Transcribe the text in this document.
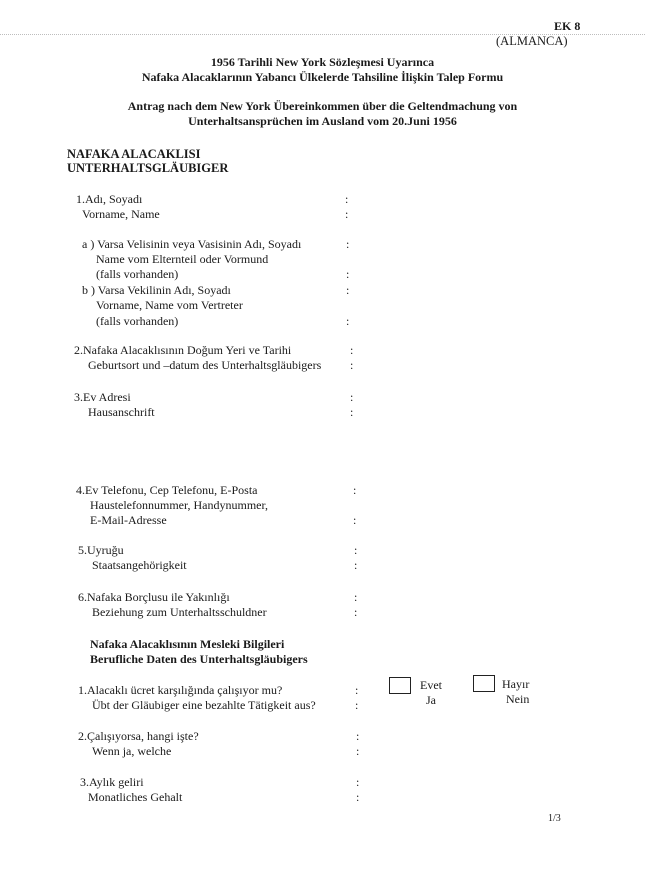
EK 8
(ALMANCA)
1956 Tarihli New York Sözleşmesi Uyarınca
Nafaka Alacaklarının Yabancı Ülkelerde Tahsiline İlişkin Talep Formu
Antrag nach dem New York Übereinkommen über die Geltendmachung von
Unterhaltsansprüchen im Ausland vom 20.Juni 1956
NAFAKA ALACAKLISI
UNTERHALTSGLÄUBIGER
1.Adı, Soyadı
Vorname, Name
:
:
a ) Varsa Velisinin veya Vasisinin Adı, Soyadı
Name vom Elternteil oder Vormund
(falls vorhanden)
:
:
b ) Varsa Vekilinin Adı, Soyadı
Vorname, Name vom Vertreter
(falls vorhanden)
:
:
2.Nafaka Alacaklısının Doğum Yeri ve Tarihi
Geburtsort und –datum des Unterhaltsgläubigers
:
:
3.Ev Adresi
Hausanschrift
:
:
4.Ev Telefonu, Cep Telefonu, E-Posta
Haustelefonnummer, Handynummer,
E-Mail-Adresse
:
:
5.Uyruğu
Staatsangehörigkeit
:
:
6.Nafaka Borçlusu ile Yakınlığı
Beziehung zum Unterhaltsschuldner
:
:
Nafaka Alacaklısının Mesleki Bilgileri
Berufliche Daten des Unterhaltsgläubigers
1.Alacaklı ücret karşılığında çalışıyor mu?
Übt der Gläubiger eine bezahlte Tätigkeit aus?
:
:
Evet
Ja
Hayır
Nein
2.Çalışıyorsa, hangi işte?
Wenn ja, welche
:
:
3.Aylık geliri
Monatliches Gehalt
:
:
1/3
